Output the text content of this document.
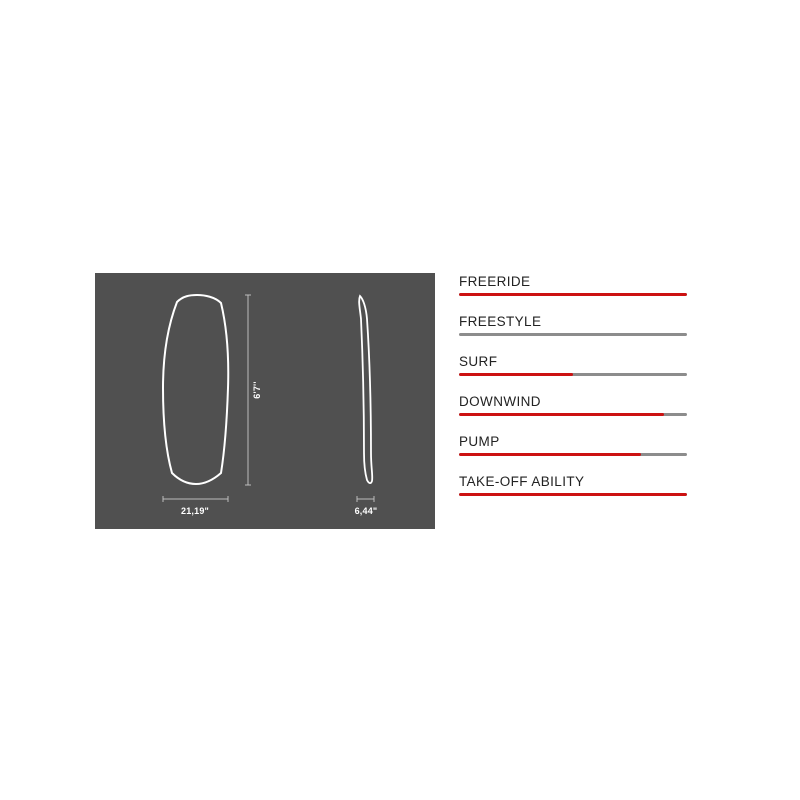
21,19"
6'7''
6,44"
FREERIDE
FREESTYLE
SURF
DOWNWIND
PUMP
TAKE-OFF ABILITY
